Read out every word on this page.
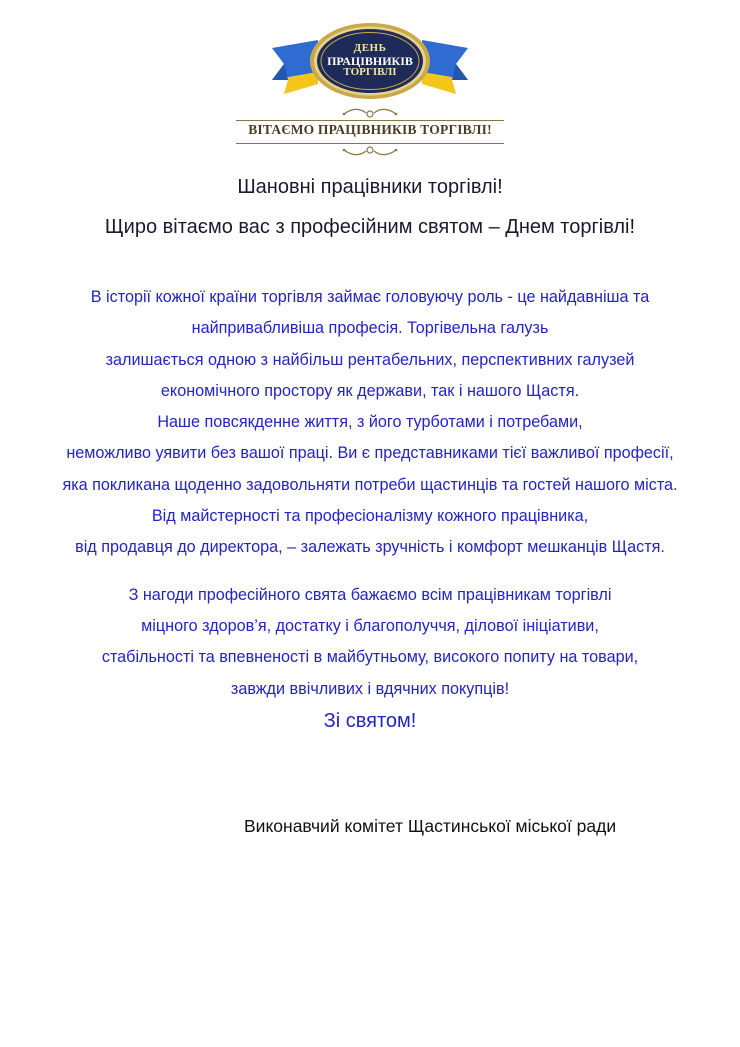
ДЕНЬ
ПРАЦІВНИКІВ
ТОРГІВЛІ
ВІТАЄМО ПРАЦІВНИКІВ ТОРГІВЛІ!
Шановні працівники торгівлі!
Щиро вітаємо вас з професійним святом – Днем торгівлі!
В історії кожної країни торгівля займає головуючу роль - це найдавніша та
найпривабливіша професія. Торгівельна галузь
залишається одною з найбільш рентабельних, перспективних галузей
економічного простору як держави, так і нашого Щастя.
Наше повсякденне життя, з його турботами і потребами,
неможливо уявити без вашої праці. Ви є представниками тієї важливої професії,
яка покликана щоденно задовольняти потреби щастинців та гостей нашого міста.
Від майстерності та професіоналізму кожного працівника,
від продавця до директора, – залежать зручність і комфорт мешканців Щастя.
З нагоди професійного свята бажаємо всім працівникам торгівлі
міцного здоров’я, достатку і благополуччя, ділової ініціативи,
стабільності та впевненості в майбутньому, високого попиту на товари,
завжди ввічливих і вдячних покупців!
Зі святом!
Виконавчий комітет Щастинської міської ради
